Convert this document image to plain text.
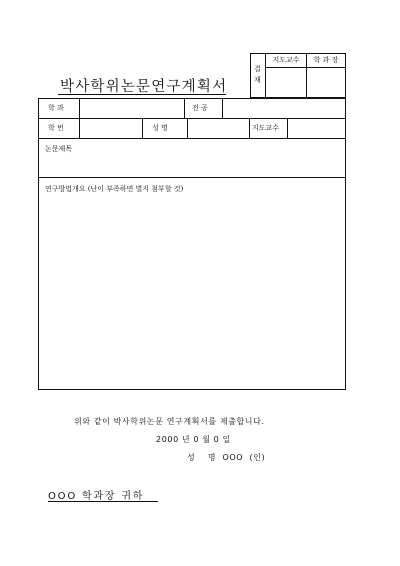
박사학위논문연구계획서
결
재
지도교수	학 과 장
학 과	전 공
학 번	성 명	지도교수
논문제목
연구방법개요 (난이 부족하면 별지 첨부할 것)
위와 같이 박사학위논문 연구계획서를 제출합니다.
2000 년 0 월 0 일
성    명  OOO  (인)
OOO 학과장 귀하
